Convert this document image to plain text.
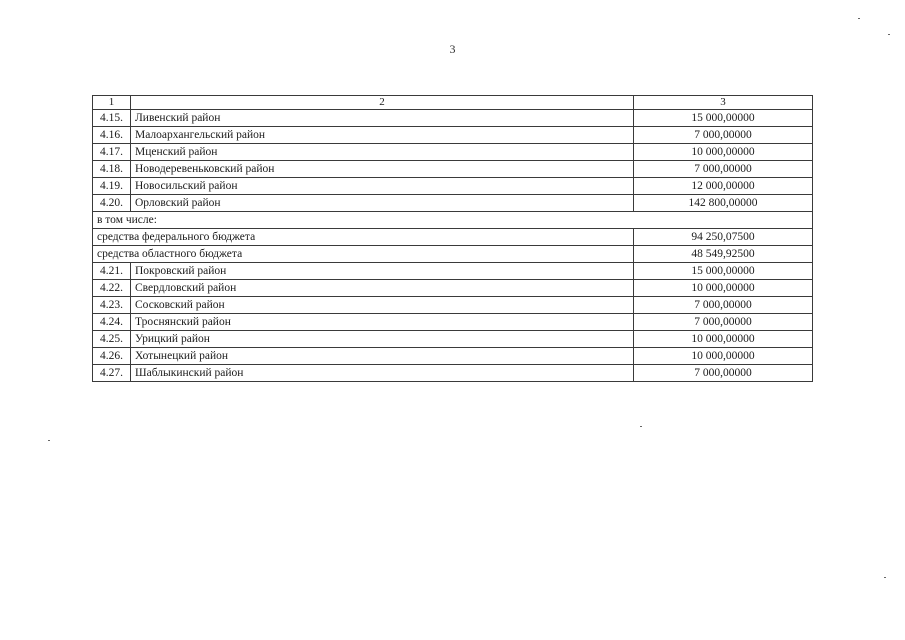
3
1	2	3
4.15.	Ливенский район	15 000,00000
4.16.	Малоархангельский район	7 000,00000
4.17.	Мценский район	10 000,00000
4.18.	Новодеревеньковский район	7 000,00000
4.19.	Новосильский район	12 000,00000
4.20.	Орловский район	142 800,00000
в том числе:		
средства федерального бюджета		94 250,07500
средства областного бюджета		48 549,92500
4.21.	Покровский район	15 000,00000
4.22.	Свердловский район	10 000,00000
4.23.	Сосковский район	7 000,00000
4.24.	Троснянский район	7 000,00000
4.25.	Урицкий район	10 000,00000
4.26.	Хотынецкий район	10 000,00000
4.27.	Шаблыкинский район	7 000,00000
